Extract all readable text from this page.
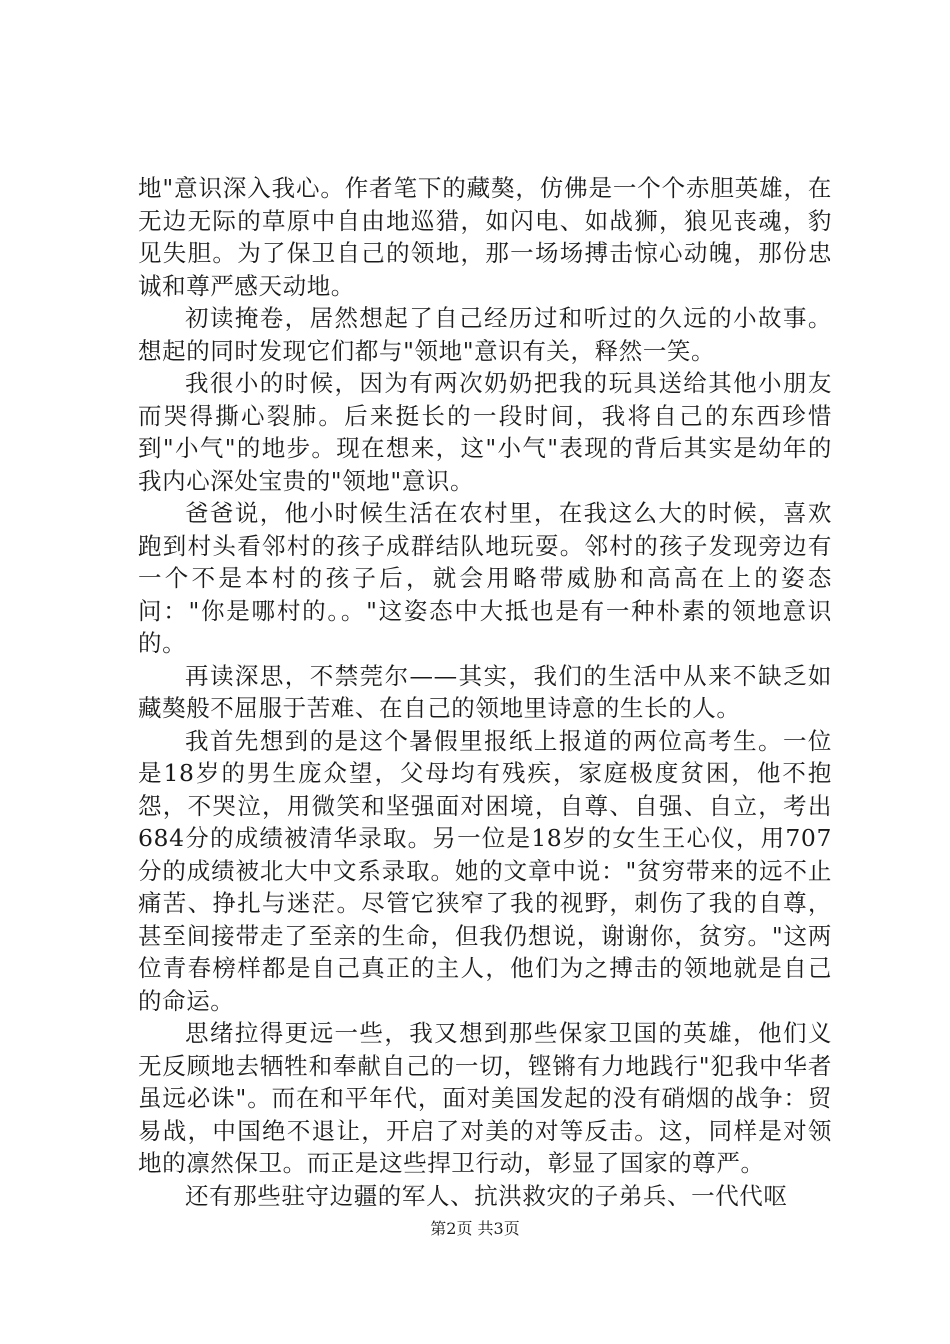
地"意识深入我心。作者笔下的藏獒，仿佛是一个个赤胆英雄，在无边无际的草原中自由地巡猎，如闪电、如战狮，狼见丧魂，豹见失胆。为了保卫自己的领地，那一场场搏击惊心动魄，那份忠诚和尊严感天动地。

初读掩卷，居然想起了自己经历过和听过的久远的小故事。想起的同时发现它们都与"领地"意识有关，释然一笑。

我很小的时候，因为有两次奶奶把我的玩具送给其他小朋友而哭得撕心裂肺。后来挺长的一段时间，我将自己的东西珍惜到"小气"的地步。现在想来，这"小气"表现的背后其实是幼年的我内心深处宝贵的"领地"意识。

爸爸说，他小时候生活在农村里，在我这么大的时候，喜欢跑到村头看邻村的孩子成群结队地玩耍。邻村的孩子发现旁边有一个不是本村的孩子后，就会用略带威胁和高高在上的姿态问："你是哪村的。。"这姿态中大抵也是有一种朴素的领地意识的。

再读深思，不禁莞尔——其实，我们的生活中从来不缺乏如藏獒般不屈服于苦难、在自己的领地里诗意的生长的人。

我首先想到的是这个暑假里报纸上报道的两位高考生。一位是18岁的男生庞众望，父母均有残疾，家庭极度贫困，他不抱怨，不哭泣，用微笑和坚强面对困境，自尊、自强、自立，考出684分的成绩被清华录取。另一位是18岁的女生王心仪，用707分的成绩被北大中文系录取。她的文章中说："贫穷带来的远不止痛苦、挣扎与迷茫。尽管它狭窄了我的视野，刺伤了我的自尊，甚至间接带走了至亲的生命，但我仍想说，谢谢你，贫穷。"这两位青春榜样都是自己真正的主人，他们为之搏击的领地就是自己的命运。

思绪拉得更远一些，我又想到那些保家卫国的英雄，他们义无反顾地去牺牲和奉献自己的一切，铿锵有力地践行"犯我中华者虽远必诛"。而在和平年代，面对美国发起的没有硝烟的战争：贸易战，中国绝不退让，开启了对美的对等反击。这，同样是对领地的凛然保卫。而正是这些捍卫行动，彰显了国家的尊严。

还有那些驻守边疆的军人、抗洪救灾的子弟兵、一代代呕

第2页 共3页
